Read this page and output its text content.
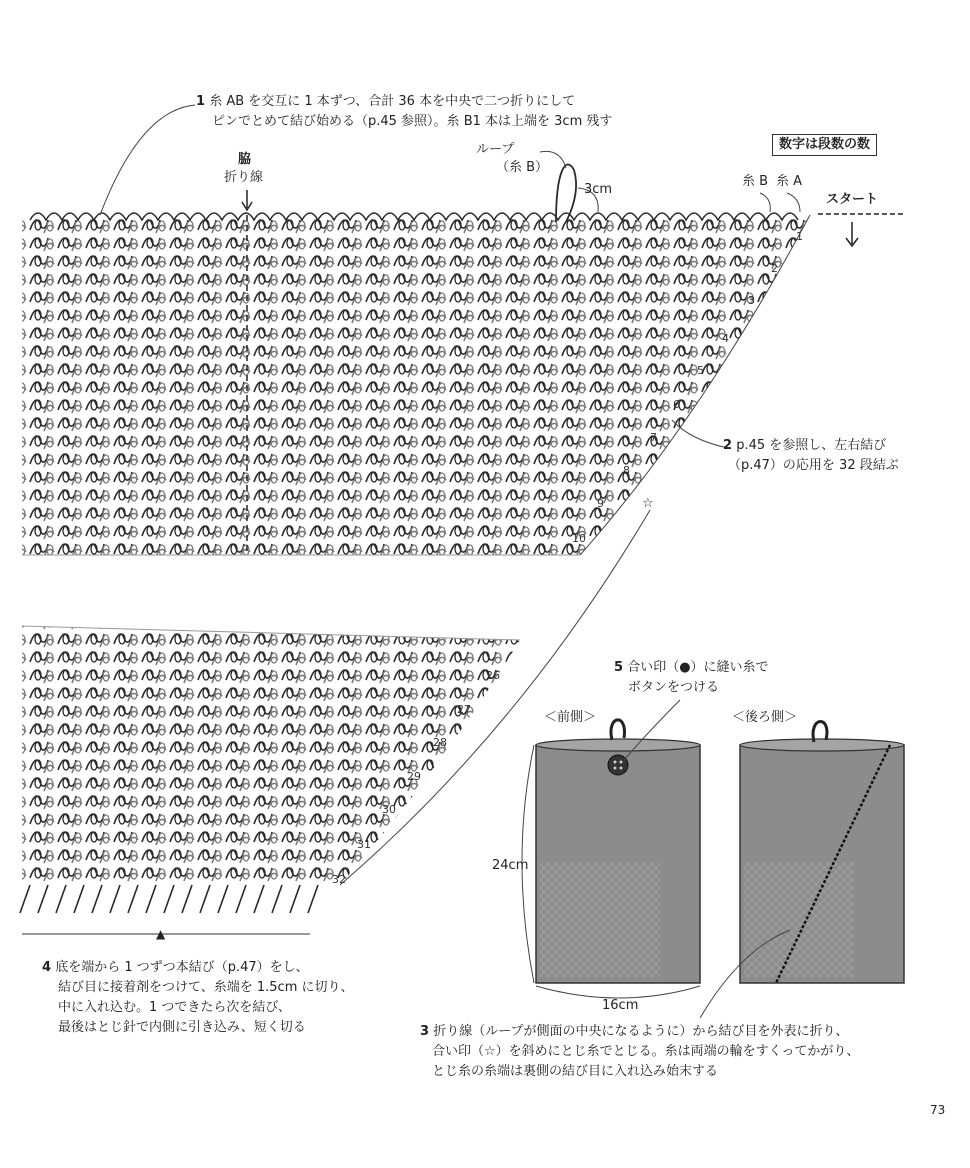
1 糸 AB を交互に 1 本ずつ、合計 36 本を中央で二つ折りにして
ピンでとめて結び始める（p.45 参照）。糸 B1 本は上端を 3cm 残す
数字は段数の数
脇
折り線
ループ
（糸 B）
3cm
糸 B 糸 A
スタート
1
2
3
4
5
6
7
8
9
10
2 p.45 を参照し、左右結び
（p.47）の応用を 32 段結ぶ
☆
26
27
28
29
30
31
32
▲
5 合い印（●）に縫い糸で
ボタンをつける
＜前側＞	＜後ろ側＞
24cm
16cm
4 底を端から 1 つずつ本結び（p.47）をし、
結び目に接着剤をつけて、糸端を 1.5cm に切り、
中に入れ込む。1 つできたら次を結び、
最後はとじ針で内側に引き込み、短く切る	3 折り線（ループが側面の中央になるように）から結び目を外表に折り、
合い印（☆）を斜めにとじ糸でとじる。糸は両端の輪をすくってかがり、
とじ糸の糸端は裏側の結び目に入れ込み始末する
73
